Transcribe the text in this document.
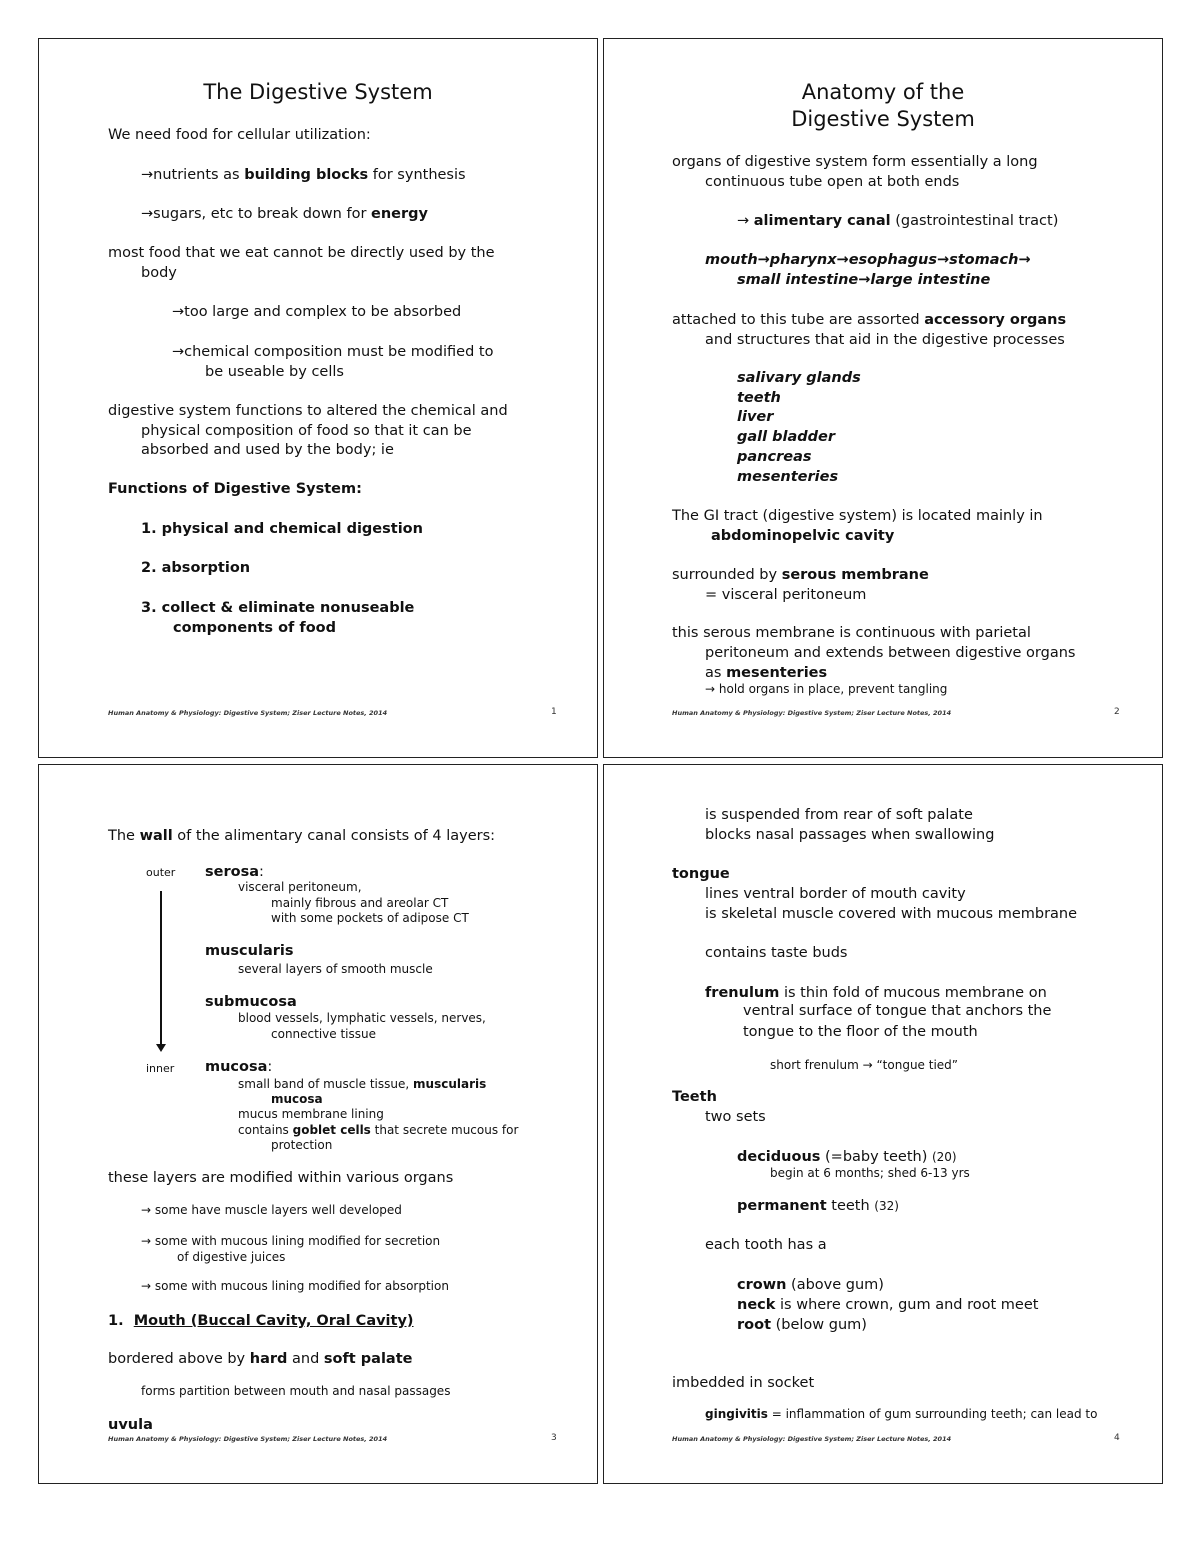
The Digestive System
We need food for cellular utilization:
→nutrients as building blocks for synthesis
→sugars, etc to break down for energy
most food that we eat cannot be directly used by the
body
→too large and complex to be absorbed
→chemical composition must be modified to
be useable by cells
digestive system functions to altered the chemical and
physical composition of food so that it can be
absorbed and used by the body; ie
Functions of Digestive System:
1. physical and chemical digestion
2. absorption
3. collect & eliminate nonuseable
components of food
Human Anatomy & Physiology: Digestive System; Ziser Lecture Notes, 2014	1
Anatomy of the
Digestive System
organs of digestive system form essentially a long
continuous tube open at both ends
→ alimentary canal (gastrointestinal tract)
mouth→pharynx→esophagus→stomach→
small intestine→large intestine
attached to this tube are assorted accessory organs
and structures that aid in the digestive processes
salivary glands
teeth
liver
gall bladder
pancreas
mesenteries
The GI tract (digestive system) is located mainly in
abdominopelvic cavity
surrounded by serous membrane
= visceral peritoneum
this serous membrane is continuous with parietal
peritoneum and extends between digestive organs
as mesenteries
→ hold organs in place, prevent tangling
Human Anatomy & Physiology: Digestive System; Ziser Lecture Notes, 2014	2
The wall of the alimentary canal consists of 4 layers:
outer
inner
serosa:
visceral peritoneum,
mainly fibrous and areolar CT
with some pockets of adipose CT
muscularis
several layers of smooth muscle
submucosa
blood vessels, lymphatic vessels, nerves,
connective tissue
mucosa:
small band of muscle tissue, muscularis
mucosa
mucus membrane lining
contains goblet cells that secrete mucous for
protection
these layers are modified within various organs
→ some have muscle layers well developed
→ some with mucous lining modified for secretion
of digestive juices
→ some with mucous lining modified for absorption
1. Mouth (Buccal Cavity, Oral Cavity)
bordered above by hard and soft palate
forms partition between mouth and nasal passages
uvula
Human Anatomy & Physiology: Digestive System; Ziser Lecture Notes, 2014	3
is suspended from rear of soft palate
blocks nasal passages when swallowing
tongue
lines ventral border of mouth cavity
is skeletal muscle covered with mucous membrane
contains taste buds
frenulum is thin fold of mucous membrane on
ventral surface of tongue that anchors the
tongue to the floor of the mouth
short frenulum → “tongue tied”
Teeth
two sets
deciduous (=baby teeth) (20)
begin at 6 months; shed 6-13 yrs
permanent teeth (32)
each tooth has a
crown (above gum)
neck is where crown, gum and root meet
root (below gum)
imbedded in socket
gingivitis = inflammation of gum surrounding teeth; can lead to
Human Anatomy & Physiology: Digestive System; Ziser Lecture Notes, 2014	4
